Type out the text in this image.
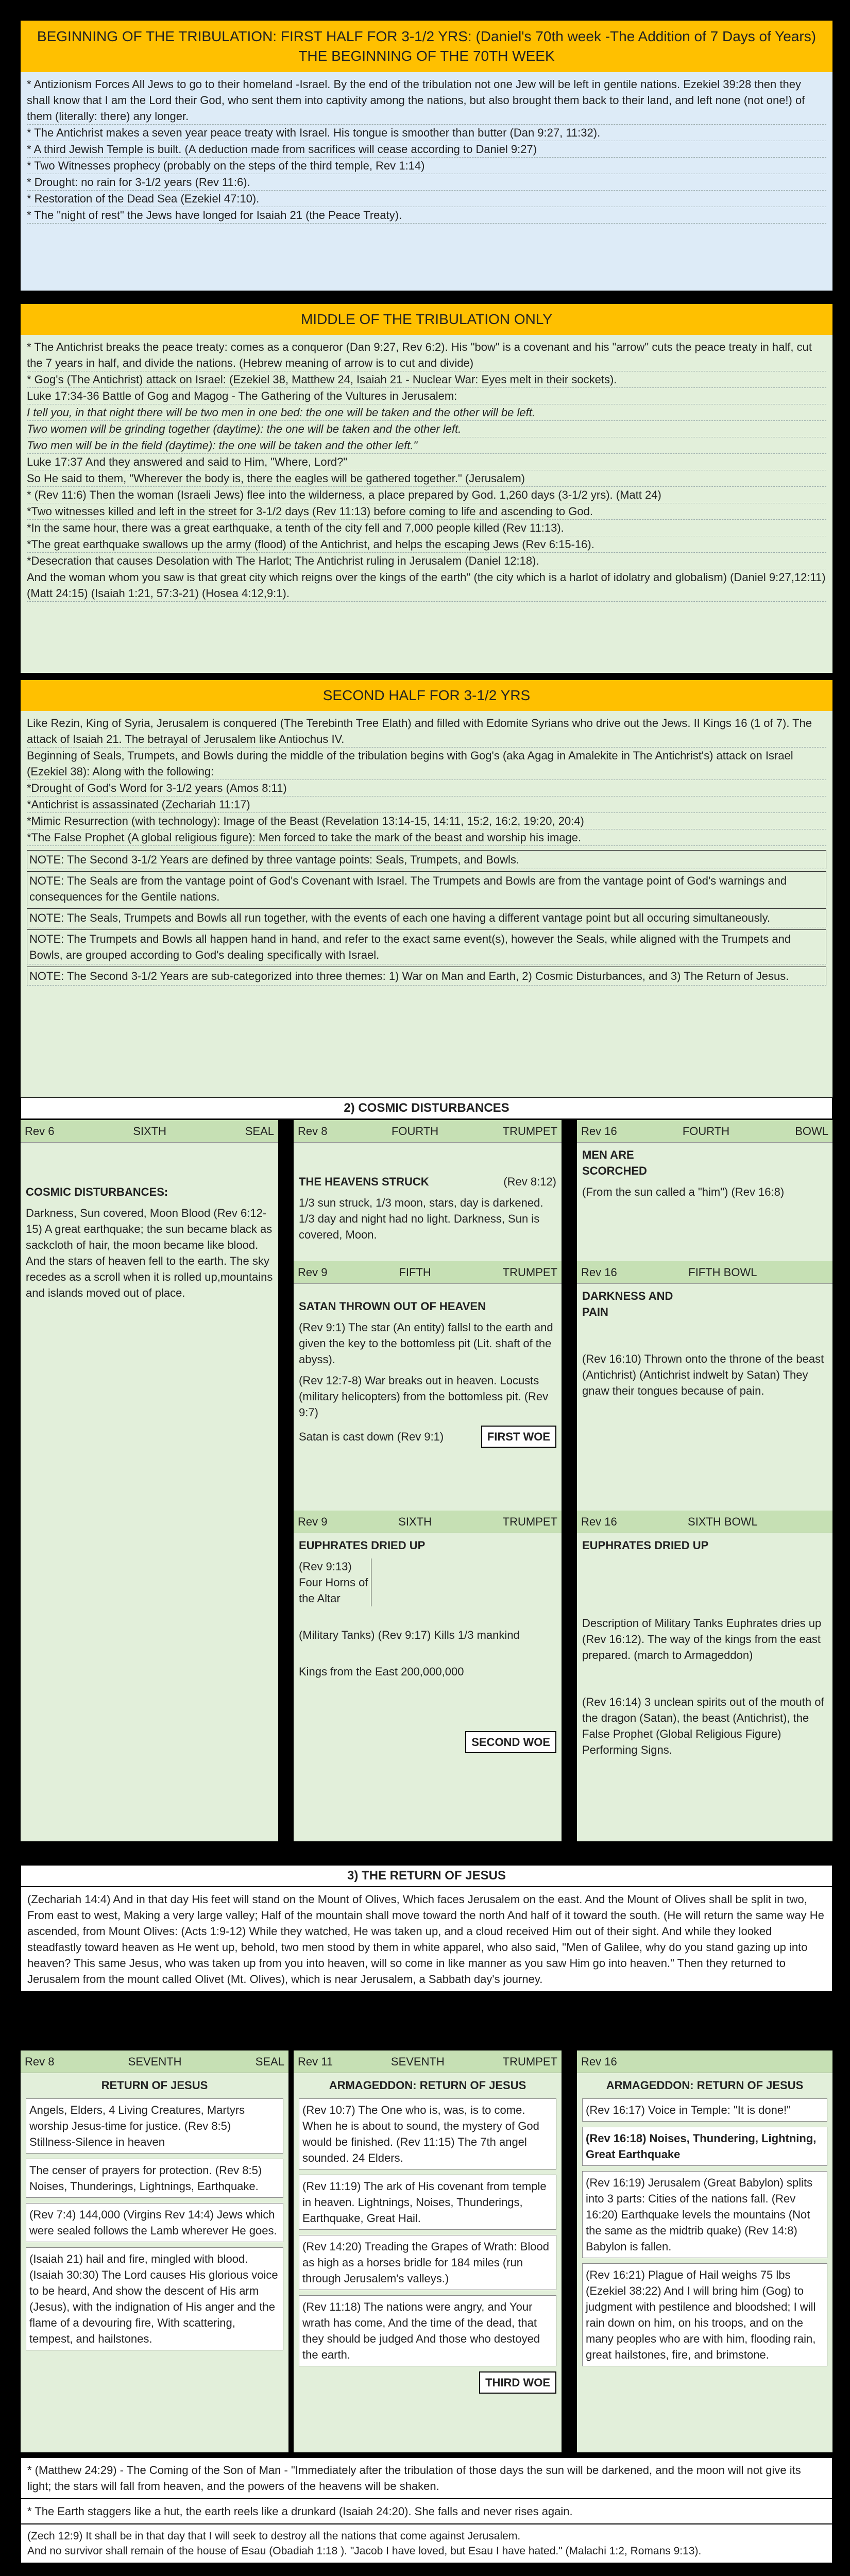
BEGINNING OF THE TRIBULATION: FIRST HALF FOR 3-1/2 YRS: (Daniel's 70th week -The Addition of 7 Days of Years)
THE BEGINNING OF THE 70TH WEEK

* Antizionism Forces All Jews to go to their homeland -Israel. By the end of the tribulation not one Jew will be left in gentile nations. Ezekiel 39:28 then they shall know that I am the Lord their God, who sent them into captivity among the nations, but also brought them back to their land, and left none (not one!) of them (literally: there) any longer.

* The Antichrist makes a seven year peace treaty with Israel. His tongue is smoother than butter (Dan 9:27, 11:32).

* A third Jewish Temple is built. (A deduction made from sacrifices will cease according to Daniel 9:27)

* Two Witnesses prophecy (probably on the steps of the third temple, Rev 1:14)

* Drought: no rain for 3-1/2 years (Rev 11:6).

* Restoration of the Dead Sea (Ezekiel 47:10).

* The "night of rest" the Jews have longed for Isaiah 21 (the Peace Treaty).

MIDDLE OF THE TRIBULATION ONLY

* The Antichrist breaks the peace treaty: comes as a conqueror (Dan 9:27, Rev 6:2). His "bow" is a covenant and his "arrow" cuts the peace treaty in half, cut the 7 years in half, and divide the nations. (Hebrew meaning of arrow is to cut and divide)

* Gog's (The Antichrist) attack on Israel: (Ezekiel 38, Matthew 24, Isaiah 21 - Nuclear War: Eyes melt in their sockets).

Luke 17:34-36 Battle of Gog and Magog - The Gathering of the Vultures in Jerusalem:

I tell you, in that night there will be two men in one bed: the one will be taken and the other will be left.

Two women will be grinding together (daytime): the one will be taken and the other left.

Two men will be in the field (daytime): the one will be taken and the other left."

Luke 17:37 And they answered and said to Him, "Where, Lord?"

So He said to them, "Wherever the body is, there the eagles will be gathered together." (Jerusalem)

* (Rev 11:6) Then the woman (Israeli Jews) flee into the wilderness, a place prepared by God. 1,260 days (3-1/2 yrs). (Matt 24)

*Two witnesses killed and left in the street for 3-1/2 days (Rev 11:13) before coming to life and ascending to God.

*In the same hour, there was a great earthquake, a tenth of the city fell and 7,000 people killed (Rev 11:13).

*The great earthquake swallows up the army (flood) of the Antichrist, and helps the escaping Jews (Rev 6:15-16).

*Desecration that causes Desolation with The Harlot; The Antichrist ruling in Jerusalem (Daniel 12:18).

And the woman whom you saw is that great city which reigns over the kings of the earth" (the city which is a harlot of idolatry and globalism) (Daniel 9:27,12:11) (Matt 24:15) (Isaiah 1:21, 57:3-21) (Hosea 4:12,9:1).

SECOND HALF FOR 3-1/2 YRS

Like Rezin, King of Syria, Jerusalem is conquered (The Terebinth Tree Elath) and filled with Edomite Syrians who drive out the Jews. II Kings 16 (1 of 7). The attack of Isaiah 21. The betrayal of Jerusalem like Antiochus IV.

Beginning of Seals, Trumpets, and Bowls during the middle of the tribulation begins with Gog's (aka Agag in Amalekite in The Antichrist's) attack on Israel (Ezekiel 38): Along with the following:

*Drought of God's Word for 3-1/2 years (Amos 8:11)

*Antichrist is assassinated (Zechariah 11:17)

*Mimic Resurrection (with technology): Image of the Beast (Revelation 13:14-15, 14:11, 15:2, 16:2, 19:20, 20:4)

*The False Prophet (A global religious figure): Men forced to take the mark of the beast and worship his image.

NOTE: The Second 3-1/2 Years are defined by three vantage points: Seals, Trumpets, and Bowls.

NOTE: The Seals are from the vantage point of God's Covenant with Israel. The Trumpets and Bowls are from the vantage point of God's warnings and consequences for the Gentile nations.

NOTE: The Seals, Trumpets and Bowls all run together, with the events of each one having a different vantage point but all occuring simultaneously.

NOTE: The Trumpets and Bowls all happen hand in hand, and refer to the exact same event(s), however the Seals, while aligned with the Trumpets and Bowls, are grouped according to God's dealing specifically with Israel.

NOTE: The Second 3-1/2 Years are sub-categorized into three themes: 1) War on Man and Earth, 2) Cosmic Disturbances, and 3) The Return of Jesus.

2) COSMIC DISTURBANCES
Rev 6	SIXTH	SEAL

COSMIC DISTURBANCES:

Darkness, Sun covered, Moon Blood (Rev 6:12-15) A great earthquake; the sun became black as sackcloth of hair, the moon became like blood. And the stars of heaven fell to the earth. The sky recedes as a scroll when it is rolled up,mountains and islands moved out of place.

Rev 8	FOURTH	TRUMPET

THE HEAVENS STRUCK	(Rev 8:12)

1/3 sun struck, 1/3 moon, stars, day is darkened. 1/3 day and night had no light. Darkness, Sun is covered, Moon.

Rev 9	FIFTH	TRUMPET

SATAN THROWN OUT OF HEAVEN

(Rev 9:1) The star (An entity) fallsl to the earth and given the key to the bottomless pit (Lit. shaft of the abyss).

(Rev 12:7-8) War breaks out in heaven. Locusts (military helicopters) from the bottomless pit. (Rev 9:7)

Satan is cast down (Rev 9:1)	FIRST WOE

Rev 9	SIXTH	TRUMPET

EUPHRATES DRIED UP

(Rev 9:13) Four Horns of the Altar

(Military Tanks) (Rev 9:17) Kills 1/3 mankind

Kings from the East 200,000,000

SECOND WOE

Rev 16	FOURTH	BOWL

MEN ARE SCORCHED

(From the sun called a "him") (Rev 16:8)

Rev 16	FIFTH BOWL

DARKNESS AND PAIN

(Rev 16:10) Thrown onto the throne of the beast (Antichrist) (Antichrist indwelt by Satan) They gnaw their tongues because of pain.

Rev 16	SIXTH BOWL

EUPHRATES DRIED UP

Description of Military Tanks Euphrates dries up (Rev 16:12). The way of the kings from the east prepared. (march to Armageddon)

(Rev 16:14) 3 unclean spirits out of the mouth of the dragon (Satan), the beast (Antichrist), the False Prophet (Global Religious Figure) Performing Signs.

3) THE RETURN OF JESUS
(Zechariah 14:4) And in that day His feet will stand on the Mount of Olives, Which faces Jerusalem on the east. And the Mount of Olives shall be split in two, From east to west, Making a very large valley; Half of the mountain shall move toward the north And half of it toward the south. (He will return the same way He ascended, from Mount Olives: (Acts 1:9-12) While they watched, He was taken up, and a cloud received Him out of their sight. And while they looked steadfastly toward heaven as He went up, behold, two men stood by them in white apparel, who also said, "Men of Galilee, why do you stand gazing up into heaven? This same Jesus, who was taken up from you into heaven, will so come in like manner as you saw Him go into heaven." Then they returned to Jerusalem from the mount called Olivet (Mt. Olives), which is near Jerusalem, a Sabbath day's journey.
Rev 8	SEVENTH	SEAL

RETURN OF JESUS

Angels, Elders, 4 Living Creatures, Martyrs worship Jesus-time for justice. (Rev 8:5) Stillness-Silence in heaven

The censer of prayers for protection. (Rev 8:5) Noises, Thunderings, Lightnings, Earthquake.

(Rev 7:4) 144,000 (Virgins Rev 14:4) Jews which were sealed follows the Lamb wherever He goes.

(Isaiah 21) hail and fire, mingled with blood.(Isaiah 30:30) The Lord causes His glorious voice to be heard, And show the descent of His arm (Jesus), with the indignation of His anger and the flame of a devouring fire, With scattering, tempest, and hailstones.

Rev 11	SEVENTH	TRUMPET

ARMAGEDDON: RETURN OF JESUS

(Rev 10:7) The One who is, was, is to come. When he is about to sound, the mystery of God would be finished. (Rev 11:15) The 7th angel sounded. 24 Elders.

(Rev 11:19) The ark of His covenant from temple in heaven. Lightnings, Noises, Thunderings, Earthquake, Great Hail.

(Rev 14:20) Treading the Grapes of Wrath: Blood as high as a horses bridle for 184 miles (run through Jerusalem's valleys.)

(Rev 11:18) The nations were angry, and Your wrath has come, And the time of the dead, that they should be judged And those who destoyed the earth.

THIRD WOE

Rev 16

ARMAGEDDON: RETURN OF JESUS

(Rev 16:17) Voice in Temple: "It is done!"

(Rev 16:18) Noises, Thundering, Lightning, Great Earthquake

(Rev 16:19) Jerusalem (Great Babylon) splits into 3 parts: Cities of the nations fall. (Rev 16:20) Earthquake levels the mountains (Not the same as the midtrib quake) (Rev 14:8) Babylon is fallen.

(Rev 16:21) Plague of Hail weighs 75 lbs (Ezekiel 38:22) And I will bring him (Gog) to judgment with pestilence and bloodshed; I will rain down on him, on his troops, and on the many peoples who are with him, flooding rain, great hailstones, fire, and brimstone.

* (Matthew 24:29) - The Coming of the Son of Man - "Immediately after the tribulation of those days the sun will be darkened, and the moon will not give its light; the stars will fall from heaven, and the powers of the heavens will be shaken.
* The Earth staggers like a hut, the earth reels like a drunkard (Isaiah 24:20). She falls and never rises again.
(Zech 12:9) It shall be in that day that I will seek to destroy all the nations that come against Jerusalem.
And no survivor shall remain of the house of Esau (Obadiah 1:18 ). "Jacob I have loved, but Esau I have hated." (Malachi 1:2, Romans 9:13).
